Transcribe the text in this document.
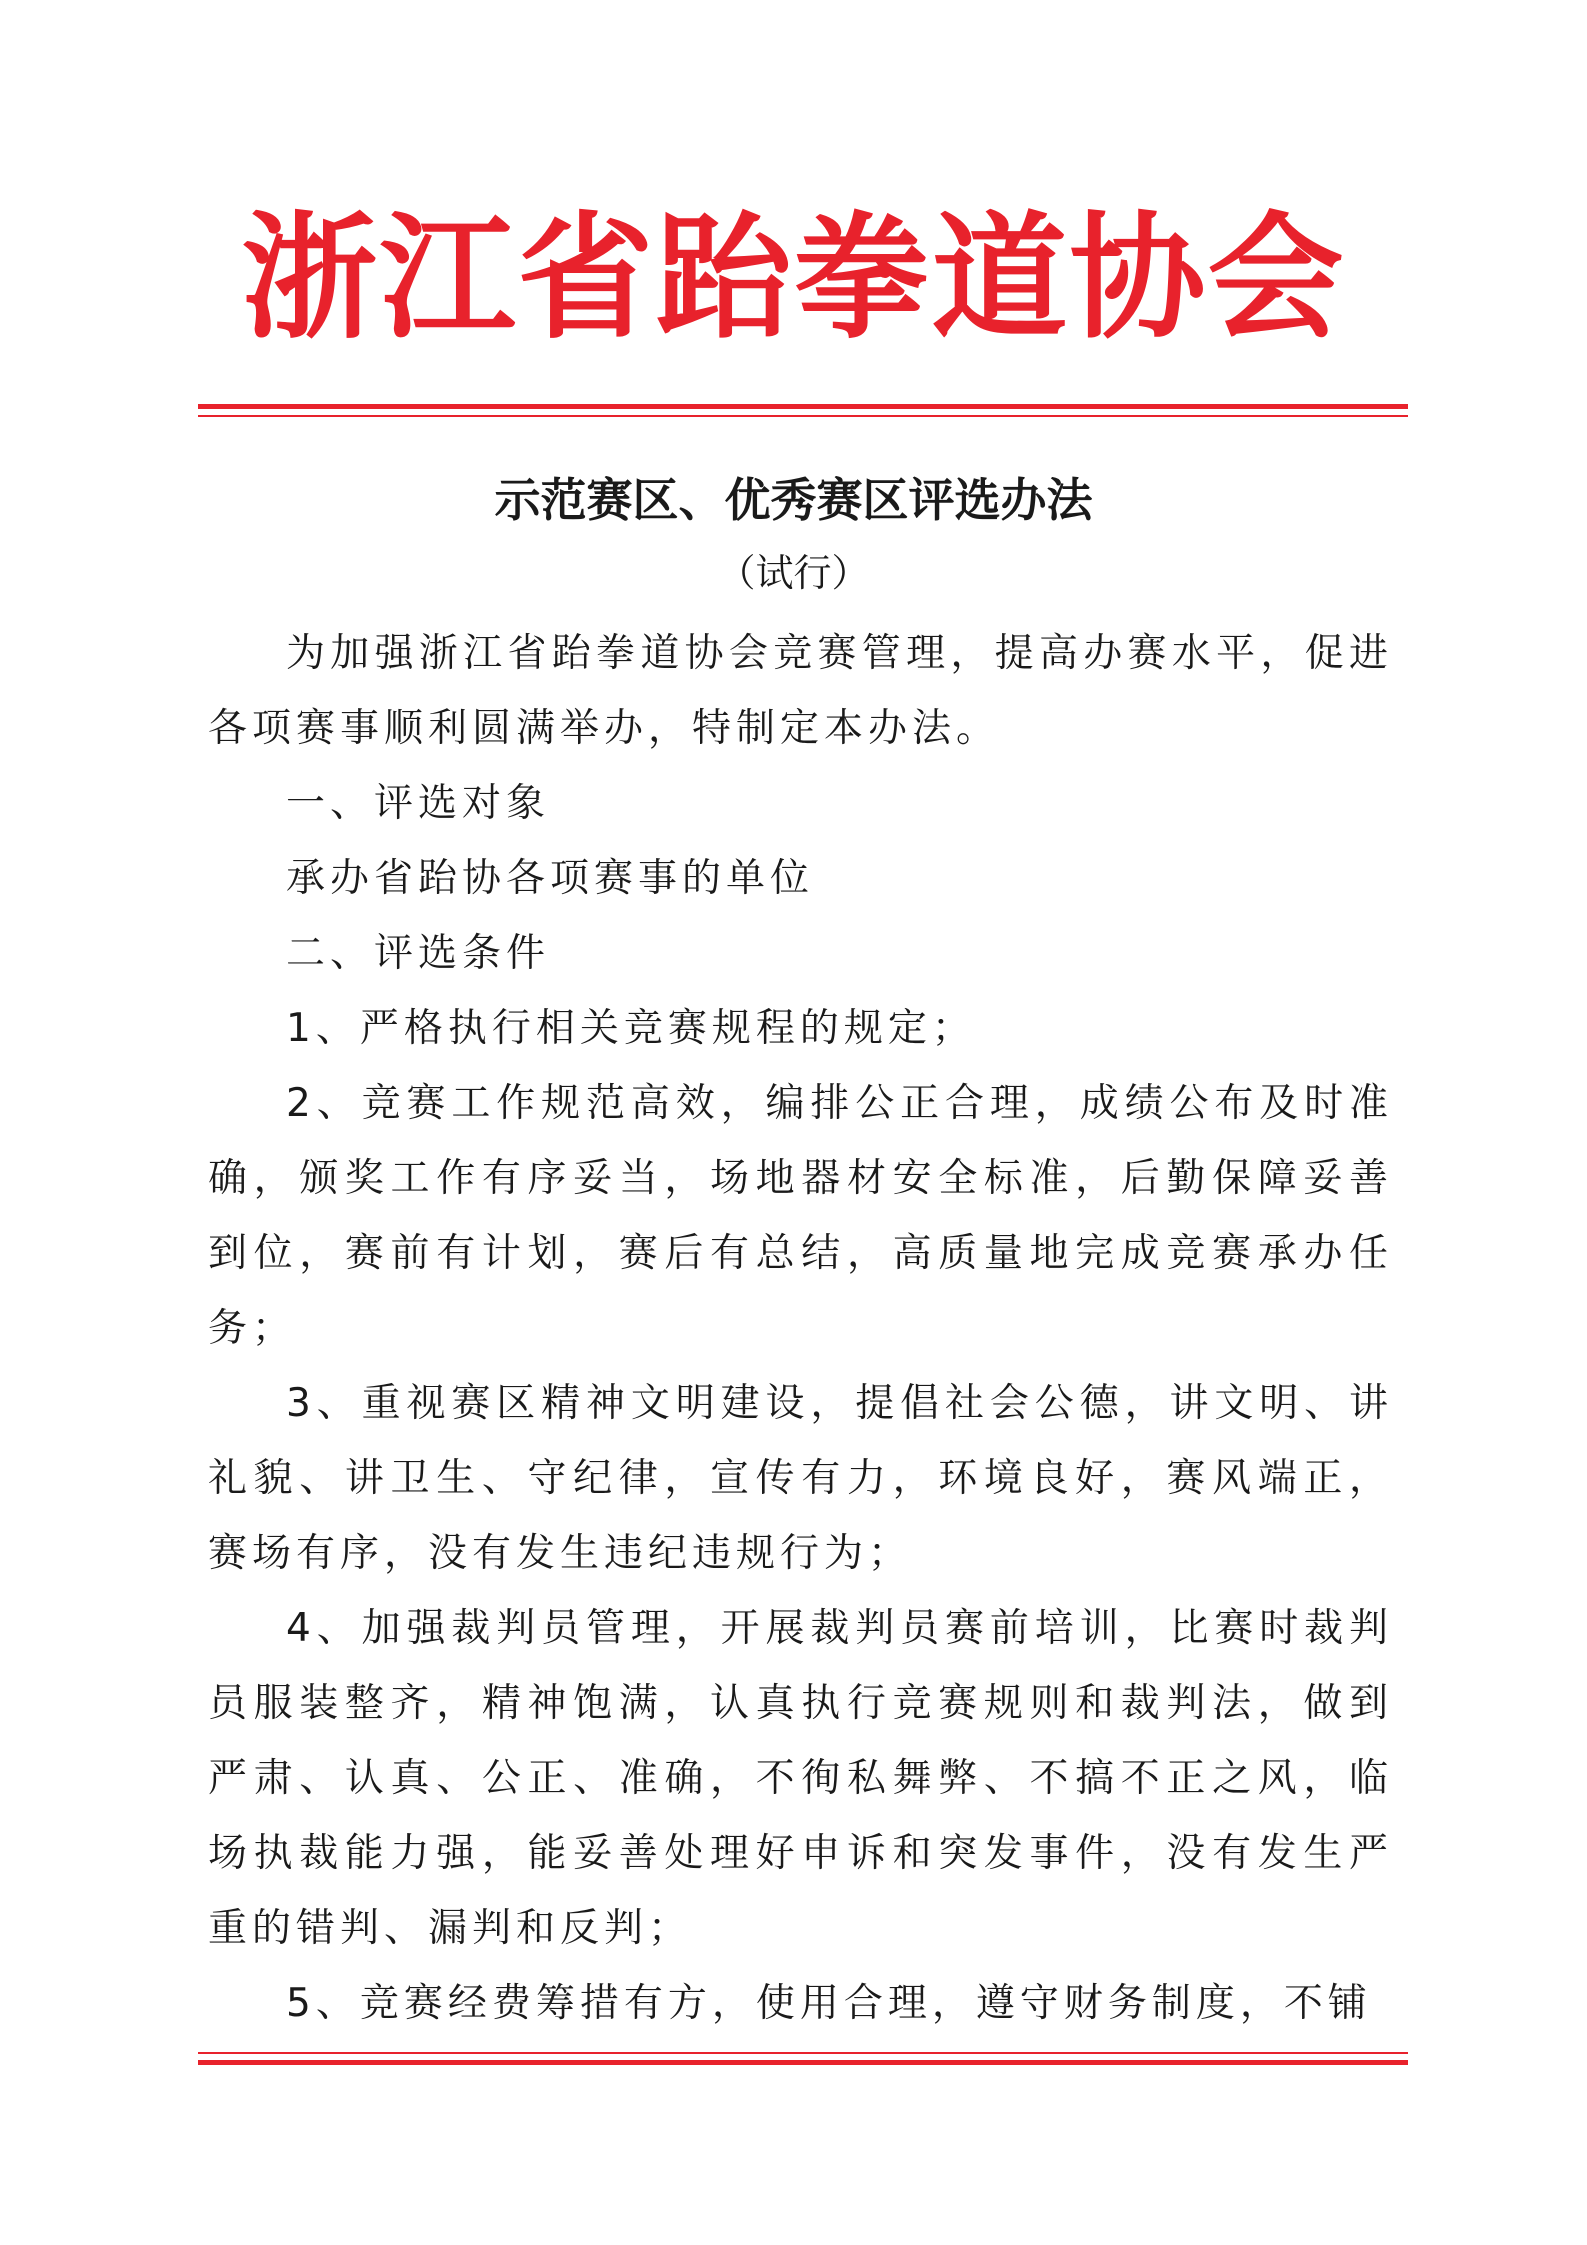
浙江省跆拳道协会
示范赛区、优秀赛区评选办法
（试行）

为加强浙江省跆拳道协会竞赛管理，提高办赛水平，促进各项赛事顺利圆满举办，特制定本办法。

一、评选对象

承办省跆协各项赛事的单位

二、评选条件

1、严格执行相关竞赛规程的规定；

2、竞赛工作规范高效，编排公正合理，成绩公布及时准确，颁奖工作有序妥当，场地器材安全标准，后勤保障妥善到位，赛前有计划，赛后有总结，高质量地完成竞赛承办任务；

3、重视赛区精神文明建设，提倡社会公德，讲文明、讲礼貌、讲卫生、守纪律，宣传有力，环境良好，赛风端正，赛场有序，没有发生违纪违规行为；

4、加强裁判员管理，开展裁判员赛前培训，比赛时裁判员服装整齐，精神饱满，认真执行竞赛规则和裁判法，做到严肃、认真、公正、准确，不徇私舞弊、不搞不正之风，临场执裁能力强，能妥善处理好申诉和突发事件，没有发生严重的错判、漏判和反判；

5、竞赛经费筹措有方，使用合理，遵守财务制度，不铺
